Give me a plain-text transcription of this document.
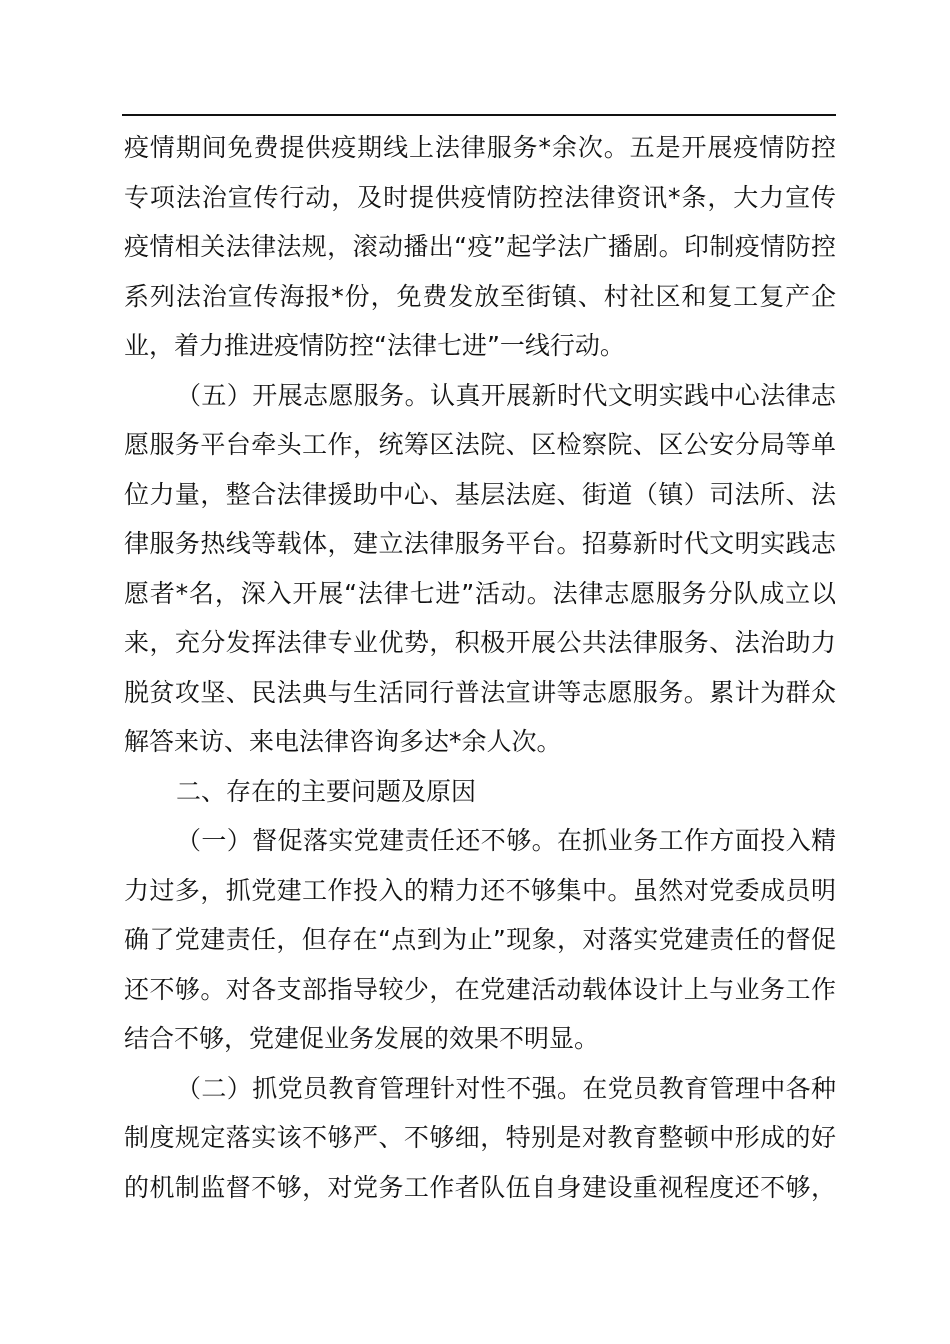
疫情期间免费提供疫期线上法律服务*余次。五是开展疫情防控
专项法治宣传行动，及时提供疫情防控法律资讯*条，大力宣传
疫情相关法律法规，滚动播出“疫”起学法广播剧。印制疫情防控
系列法治宣传海报*份，免费发放至街镇、村社区和复工复产企
业，着力推进疫情防控“法律七进”一线行动。
（五）开展志愿服务。认真开展新时代文明实践中心法律志
愿服务平台牵头工作，统筹区法院、区检察院、区公安分局等单
位力量，整合法律援助中心、基层法庭、街道（镇）司法所、法
律服务热线等载体，建立法律服务平台。招募新时代文明实践志
愿者*名，深入开展“法律七进”活动。法律志愿服务分队成立以
来，充分发挥法律专业优势，积极开展公共法律服务、法治助力
脱贫攻坚、民法典与生活同行普法宣讲等志愿服务。累计为群众
解答来访、来电法律咨询多达*余人次。
二、存在的主要问题及原因
（一）督促落实党建责任还不够。在抓业务工作方面投入精
力过多，抓党建工作投入的精力还不够集中。虽然对党委成员明
确了党建责任，但存在“点到为止”现象，对落实党建责任的督促
还不够。对各支部指导较少，在党建活动载体设计上与业务工作
结合不够，党建促业务发展的效果不明显。
（二）抓党员教育管理针对性不强。在党员教育管理中各种
制度规定落实该不够严、不够细，特别是对教育整顿中形成的好
的机制监督不够，对党务工作者队伍自身建设重视程度还不够，
